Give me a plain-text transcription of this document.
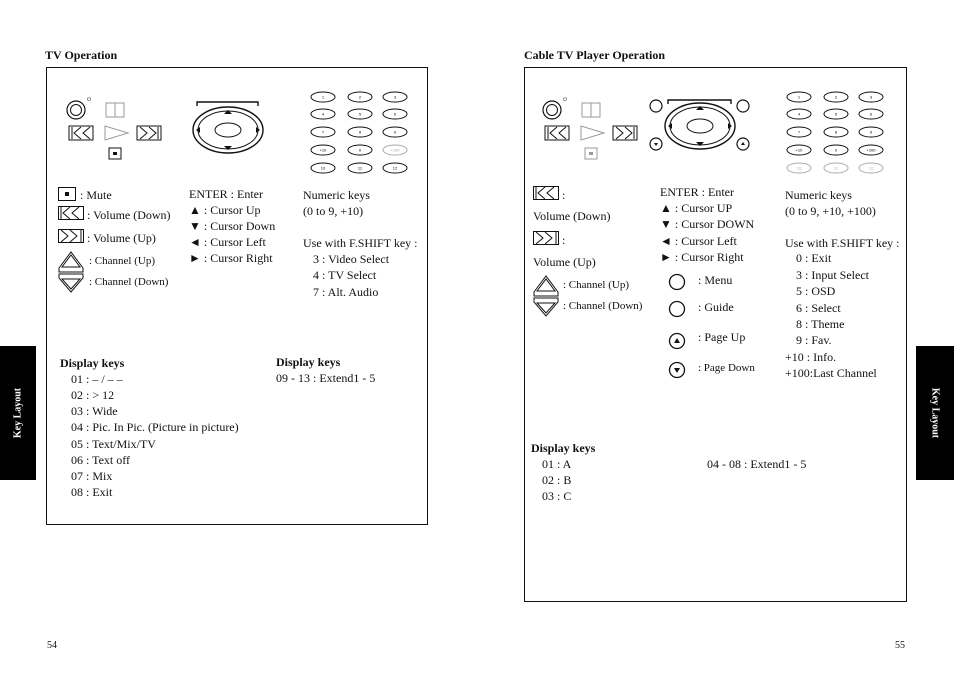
TV Operation
⏻	1	2	3
4	5	6
7	8	9
+10	0	+100
10	11	12
: Mute
: Volume (Down)
: Volume (Up)
: Channel (Up)
: Channel (Down)
ENTER : Enter
▲ : Cursor Up
▼ : Cursor Down
◄ : Cursor Left
► : Cursor Right
Numeric keys
(0 to 9, +10)
Use with F.SHIFT key :
3 : Video Select
4 : TV Select
7 : Alt. Audio
Display keys
01 : – / – –
02 : > 12
03 : Wide
04 : Pic. In Pic. (Picture in picture)
05 : Text/Mix/TV
06 : Text off
07 : Mix
08 : Exit
Display keys
09 - 13 : Extend1 - 5
Key Layout
54
Cable TV Player Operation
⏻	1	2	3
4	5	6
7	8	9
+10	0	+100
10	11	12
:
Volume (Down)
:
Volume (Up)
: Channel (Up)
: Channel (Down)
ENTER : Enter
▲ : Cursor UP
▼ : Cursor DOWN
◄ : Cursor Left
► : Cursor Right
: Menu
: Guide
: Page Up
: Page Down
Numeric keys
(0 to 9, +10, +100)
Use with F.SHIFT key :
0 : Exit
3 : Input Select
5 : OSD
6 : Select
8 : Theme
9 : Fav.
+10 : Info.
+100:Last Channel
Display keys
01 : A
02 : B
03 : C
04 - 08 : Extend1 - 5
Key Layout
55
